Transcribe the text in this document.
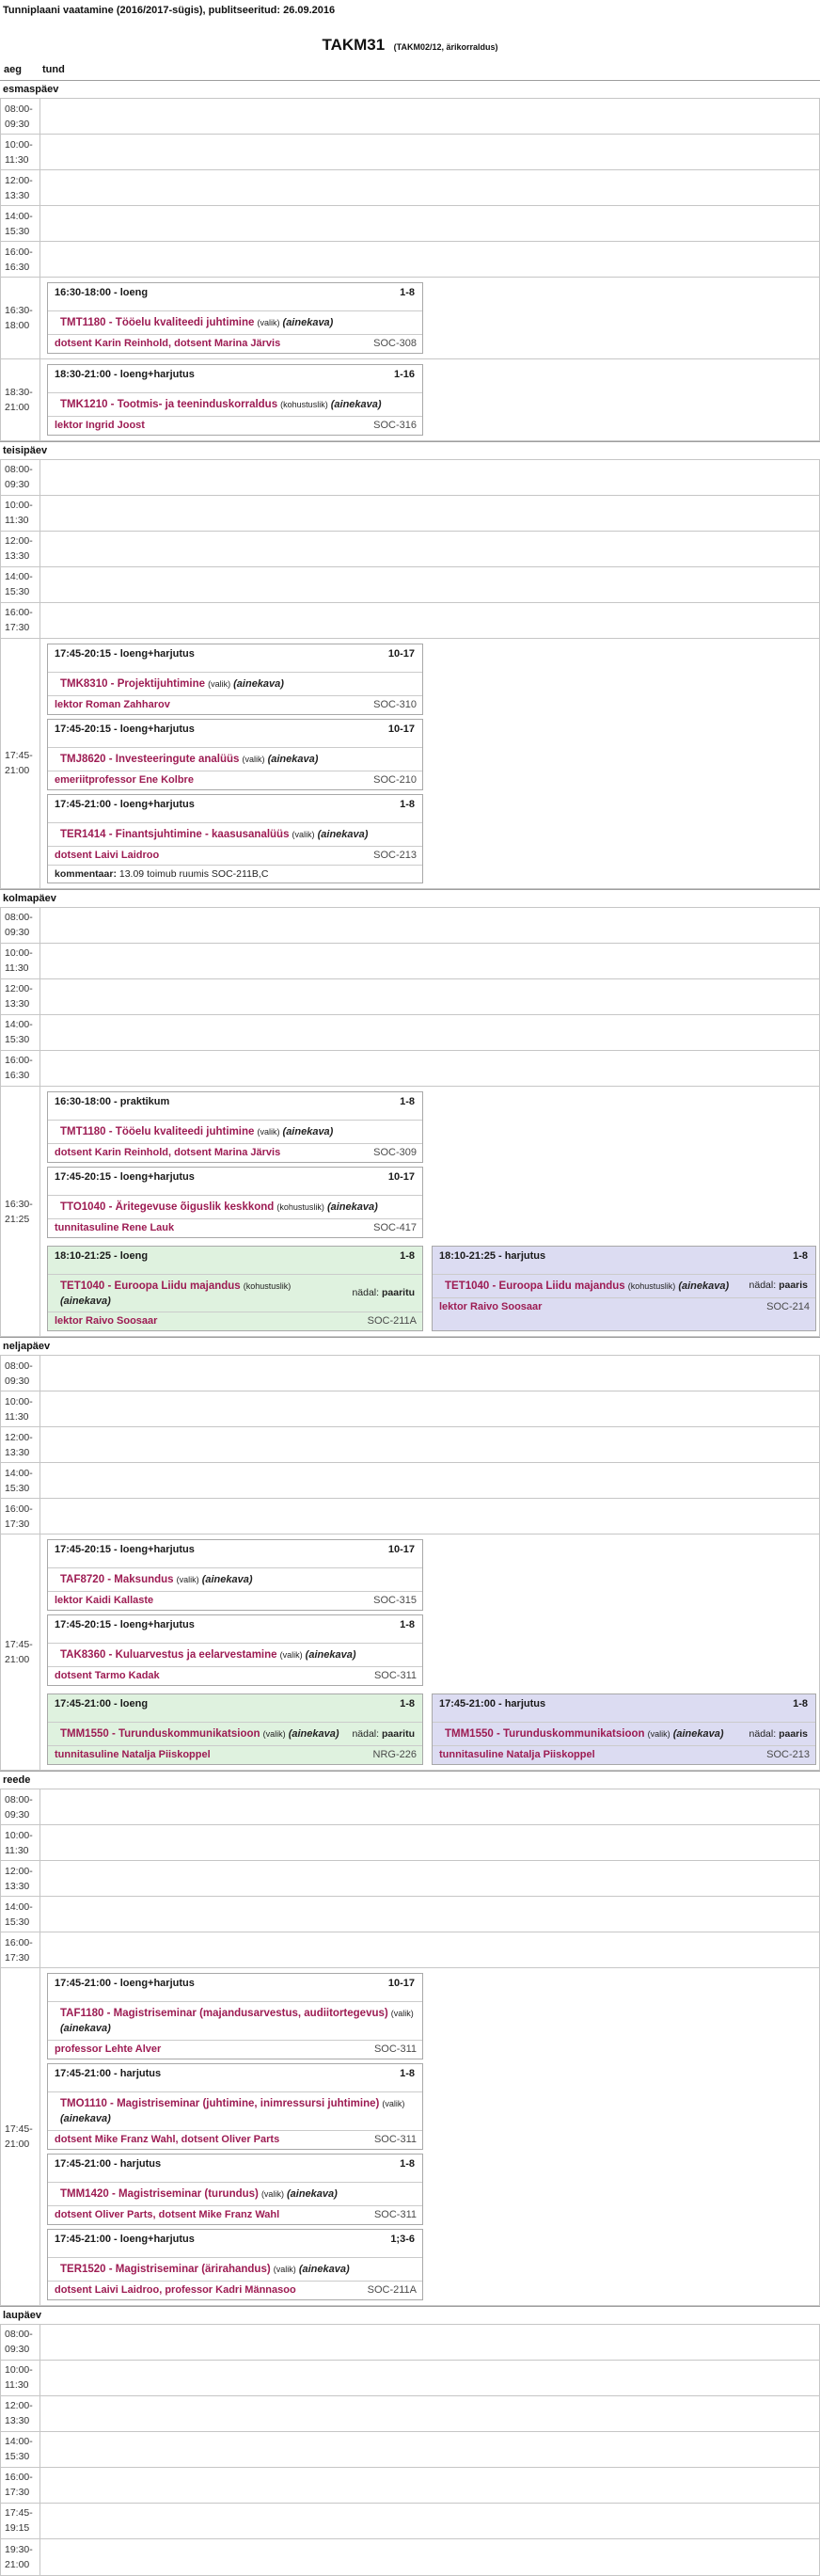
Tunniplaani vaatamine (2016/2017-sügis), publitseeritud: 26.09.2016
TAKM31 (TAKM02/12, ärikorraldus)
aeg	tund
esmaspäev
08:00-
09:30
10:00-
11:30
12:00-
13:30
14:00-
15:30
16:00-
16:30
16:30-
18:00
16:30-18:00 - loeng	1-8
TMT1180 - Tööelu kvaliteedi juhtimine (valik) (ainekava)
dotsent Karin Reinhold, dotsent Marina Järvis	SOC-308
18:30-
21:00
18:30-21:00 - loeng+harjutus	1-16
TMK1210 - Tootmis- ja teeninduskorraldus (kohustuslik) (ainekava)
lektor Ingrid Joost	SOC-316
teisipäev
08:00-
09:30
10:00-
11:30
12:00-
13:30
14:00-
15:30
16:00-
17:30
17:45-
21:00
17:45-20:15 - loeng+harjutus	10-17
TMK8310 - Projektijuhtimine (valik) (ainekava)
lektor Roman Zahharov	SOC-310
17:45-20:15 - loeng+harjutus	10-17
TMJ8620 - Investeeringute analüüs (valik) (ainekava)
emeriitprofessor Ene Kolbre	SOC-210
17:45-21:00 - loeng+harjutus	1-8
TER1414 - Finantsjuhtimine - kaasusanalüüs (valik) (ainekava)
dotsent Laivi Laidroo	SOC-213
kommentaar: 13.09 toimub ruumis SOC-211B,C
kolmapäev
08:00-
09:30
10:00-
11:30
12:00-
13:30
14:00-
15:30
16:00-
16:30
16:30-
21:25
16:30-18:00 - praktikum	1-8
TMT1180 - Tööelu kvaliteedi juhtimine (valik) (ainekava)
dotsent Karin Reinhold, dotsent Marina Järvis	SOC-309
17:45-20:15 - loeng+harjutus	10-17
TTO1040 - Äritegevuse õiguslik keskkond (kohustuslik) (ainekava)
tunnitasuline Rene Lauk	SOC-417
18:10-21:25 - loeng	1-8
TET1040 - Euroopa Liidu majandus (kohustuslik) (ainekava)
nädal: paaritu
lektor Raivo Soosaar	SOC-211A
18:10-21:25 - harjutus	1-8
TET1040 - Euroopa Liidu majandus (kohustuslik) (ainekava)	nädal: paaris
lektor Raivo Soosaar	SOC-214
neljapäev
08:00-
09:30
10:00-
11:30
12:00-
13:30
14:00-
15:30
16:00-
17:30
17:45-
21:00
17:45-20:15 - loeng+harjutus	10-17
TAF8720 - Maksundus (valik) (ainekava)
lektor Kaidi Kallaste	SOC-315
17:45-20:15 - loeng+harjutus	1-8
TAK8360 - Kuluarvestus ja eelarvestamine (valik) (ainekava)
dotsent Tarmo Kadak	SOC-311
17:45-21:00 - loeng	1-8
TMM1550 - Turunduskommunikatsioon (valik) (ainekava)	nädal: paaritu
tunnitasuline Natalja Piiskoppel	NRG-226
17:45-21:00 - harjutus	1-8
TMM1550 - Turunduskommunikatsioon (valik) (ainekava)	nädal: paaris
tunnitasuline Natalja Piiskoppel	SOC-213
reede
08:00-
09:30
10:00-
11:30
12:00-
13:30
14:00-
15:30
16:00-
17:30
17:45-
21:00
17:45-21:00 - loeng+harjutus	10-17
TAF1180 - Magistriseminar (majandusarvestus, audiitortegevus) (valik) (ainekava)
professor Lehte Alver	SOC-311
17:45-21:00 - harjutus	1-8
TMO1110 - Magistriseminar (juhtimine, inimressursi juhtimine) (valik) (ainekava)
dotsent Mike Franz Wahl, dotsent Oliver Parts	SOC-311
17:45-21:00 - harjutus	1-8
TMM1420 - Magistriseminar (turundus) (valik) (ainekava)
dotsent Oliver Parts, dotsent Mike Franz Wahl	SOC-311
17:45-21:00 - loeng+harjutus	1;3-6
TER1520 - Magistriseminar (ärirahandus) (valik) (ainekava)
dotsent Laivi Laidroo, professor Kadri Männasoo	SOC-211A
laupäev
08:00-
09:30
10:00-
11:30
12:00-
13:30
14:00-
15:30
16:00-
17:30
17:45-
19:15
19:30-
21:00
